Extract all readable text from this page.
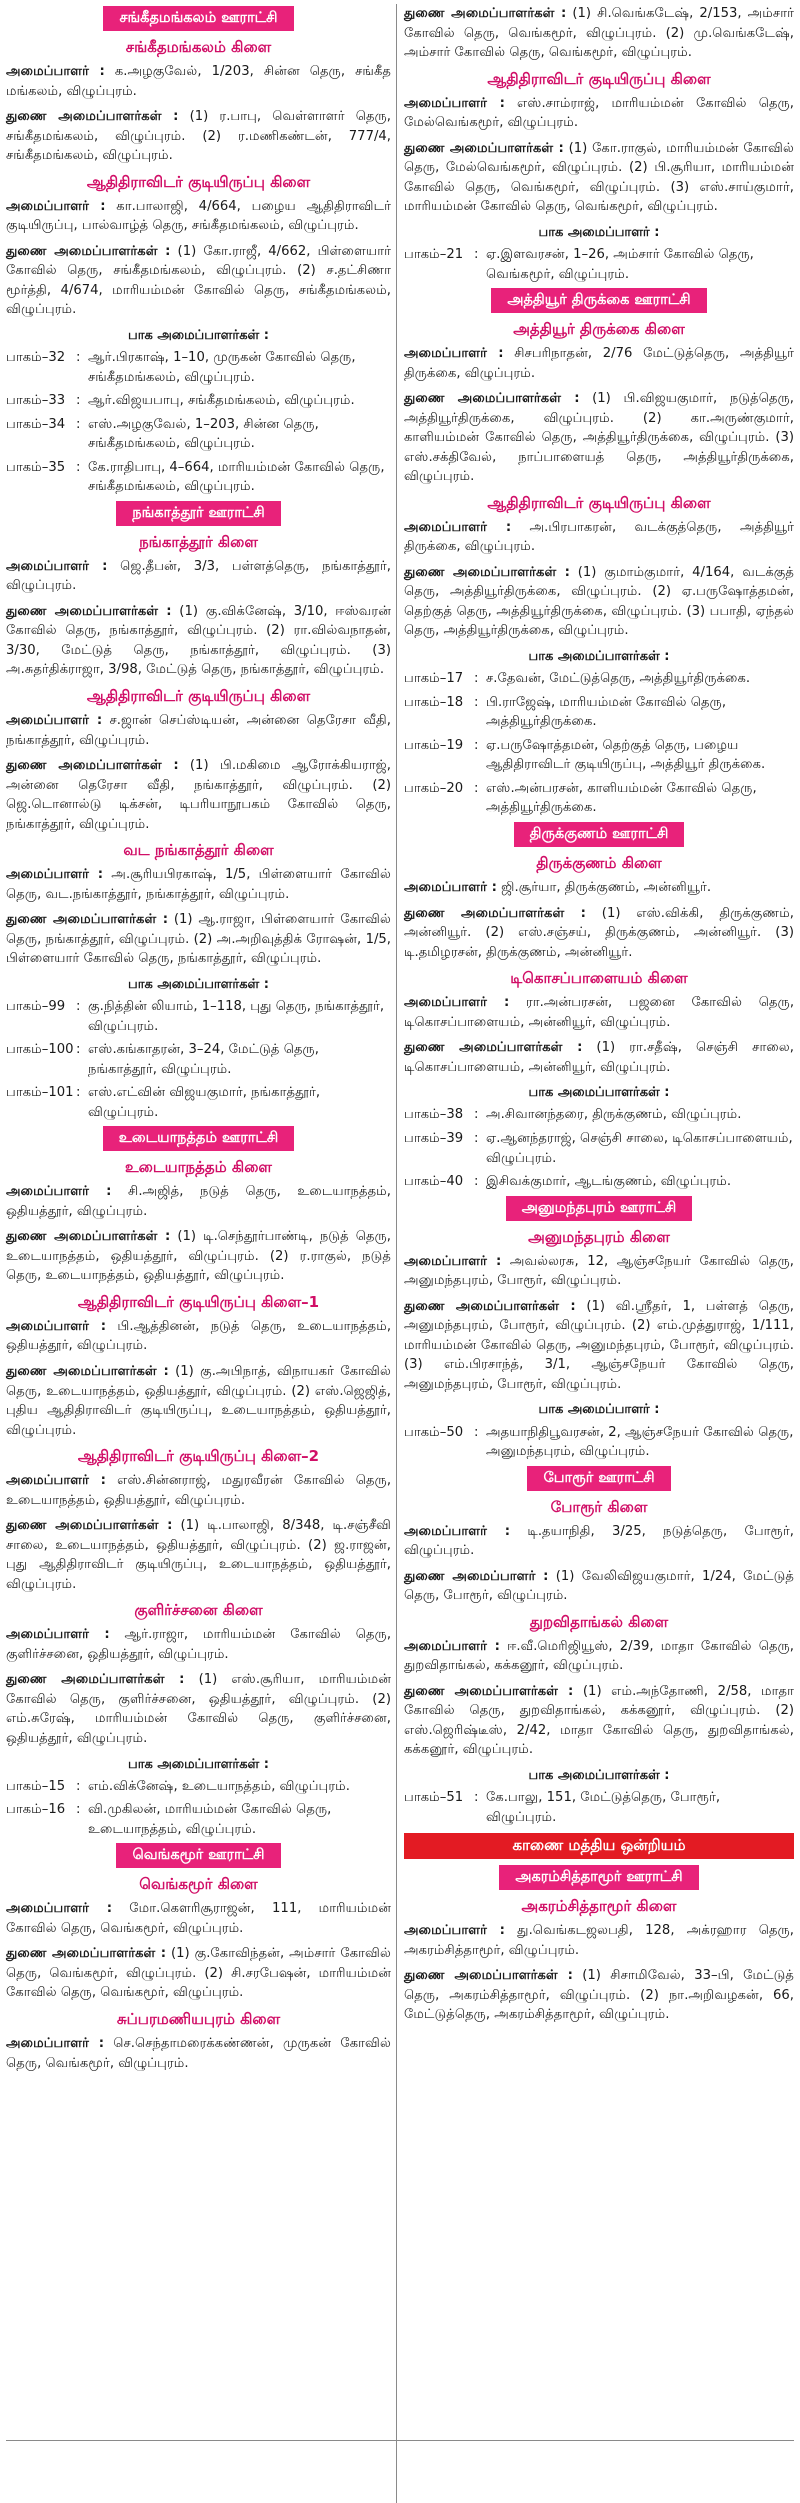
சங்கீதமங்கலம் ஊராட்சி
சங்கீதமங்கலம் கிளை
அமைப்பாளர் : க.அழகுவேல், 1/203, சின்ன தெரு, சங்கீத மங்கலம், விழுப்புரம்.
துணை அமைப்பாளர்கள் : (1) ர.பாபு, வெள்ளாளர் தெரு, சங்கீதமங்கலம், விழுப்புரம். (2) ர.மணிகண்டன், 777/4, சங்கீதமங்கலம், விழுப்புரம்.
ஆதிதிராவிடர் குடியிருப்பு கிளை
அமைப்பாளர் : கா.பாலாஜி, 4/664, பழைய ஆதிதிராவிடர் குடியிருப்பு, பால்வாழ்த் தெரு, சங்கீதமங்கலம், விழுப்புரம்.
துணை அமைப்பாளர்கள் : (1) கோ.ராஜீ, 4/662, பிள்ளையார் கோவில் தெரு, சங்கீதமங்கலம், விழுப்புரம். (2) ச.தட்சிணா மூர்த்தி, 4/674, மாரியம்மன் கோவில் தெரு, சங்கீதமங்கலம், விழுப்புரம்.
பாக அமைப்பாளர்கள் :
பாகம்–32 : ஆர்.பிரகாஷ், 1–10, முருகன் கோவில் தெரு, சங்கீதமங்கலம், விழுப்புரம்.
பாகம்–33 : ஆர்.விஜயபாபு, சங்கீதமங்கலம், விழுப்புரம்.
பாகம்–34 : எஸ்.அழகுவேல், 1–203, சின்ன தெரு, சங்கீதமங்கலம், விழுப்புரம்.
பாகம்–35 : கே.ராதிபாபு, 4–664, மாரியம்மன் கோவில் தெரு, சங்கீதமங்கலம், விழுப்புரம்.
நங்காத்தூர் ஊராட்சி
நங்காத்தூர் கிளை
அமைப்பாளர் : ஜெ.தீபன், 3/3, பள்ளத்தெரு, நங்காத்தூர், விழுப்புரம்.
துணை அமைப்பாளர்கள் : (1) கு.விக்னேஷ், 3/10, ஈஸ்வரன் கோவில் தெரு, நங்காத்தூர், விழுப்புரம். (2) ரா.வில்வநாதன், 3/30, மேட்டுத் தெரு, நங்காத்தூர், விழுப்புரம். (3) அ.சுதர்திக்ராஜா, 3/98, மேட்டுத் தெரு, நங்காத்தூர், விழுப்புரம்.
ஆதிதிராவிடர் குடியிருப்பு கிளை
அமைப்பாளர் : ச.ஜான் செப்ஸ்டியன், அன்னை தெரேசா வீதி, நங்காத்தூர், விழுப்புரம்.
துணை அமைப்பாளர்கள் : (1) பி.மகிமை ஆரோக்கியராஜ், அன்னை தெரேசா வீதி, நங்காத்தூர், விழுப்புரம். (2) ஜெ.டொனால்டு டிக்சன், டிபரியாநூபகம் கோவில் தெரு, நங்காத்தூர், விழுப்புரம்.
வட நங்காத்தூர் கிளை
அமைப்பாளர் : அ.சூரியபிரகாஷ், 1/5, பிள்ளையார் கோவில் தெரு, வட.நங்காத்தூர், நங்காத்தூர், விழுப்புரம்.
துணை அமைப்பாளர்கள் : (1) ஆ.ராஜா, பிள்ளையார் கோவில் தெரு, நங்காத்தூர், விழுப்புரம். (2) அ.அறிவுத்திக் ரோஷன், 1/5, பிள்ளையார் கோவில் தெரு, நங்காத்தூர், விழுப்புரம்.
பாக அமைப்பாளர்கள் :
பாகம்–99 : கு.நித்தின் லியாம், 1–118, புது தெரு, நங்காத்தூர், விழுப்புரம்.
பாகம்–100 : எஸ்.கங்காதரன், 3–24, மேட்டுத் தெரு, நங்காத்தூர், விழுப்புரம்.
பாகம்–101 : எஸ்.எட்வின் விஜயகுமார், நங்காத்தூர், விழுப்புரம்.
உடையாநத்தம் ஊராட்சி
உடையாநத்தம் கிளை
அமைப்பாளர் : சி.அஜித், நடுத் தெரு, உடையாநத்தம், ஒதியத்தூர், விழுப்புரம்.
துணை அமைப்பாளர்கள் : (1) டி.செந்தூர்பாண்டி, நடுத் தெரு, உடையாநத்தம், ஒதியத்தூர், விழுப்புரம். (2) ர.ராகுல், நடுத் தெரு, உடையாநத்தம், ஒதியத்தூர், விழுப்புரம்.
ஆதிதிராவிடர் குடியிருப்பு கிளை–1
அமைப்பாளர் : பி.ஆத்தினன், நடுத் தெரு, உடையாநத்தம், ஒதியத்தூர், விழுப்புரம்.
துணை அமைப்பாளர்கள் : (1) கு.அபிநாத், விநாயகர் கோவில் தெரு, உடையாநத்தம், ஒதியத்தூர், விழுப்புரம். (2) எஸ்.ஜெஜித், புதிய ஆதிதிராவிடர் குடியிருப்பு, உடையாநத்தம், ஒதியத்தூர், விழுப்புரம்.
ஆதிதிராவிடர் குடியிருப்பு கிளை–2
அமைப்பாளர் : எஸ்.சின்னராஜ், மதுரவீரன் கோவில் தெரு, உடையாநத்தம், ஒதியத்தூர், விழுப்புரம்.
துணை அமைப்பாளர்கள் : (1) டி.பாலாஜி, 8/348, டி.சஞ்சீவி சாலை, உடையாநத்தம், ஒதியத்தூர், விழுப்புரம். (2) ஜ.ராஜன், புது ஆதிதிராவிடர் குடியிருப்பு, உடையாநத்தம், ஒதியத்தூர், விழுப்புரம்.
குளிர்ச்சனை கிளை
அமைப்பாளர் : ஆர்.ராஜா, மாரியம்மன் கோவில் தெரு, குளிர்ச்சனை, ஒதியத்தூர், விழுப்புரம்.
துணை அமைப்பாளர்கள் : (1) எஸ்.சூரியா, மாரியம்மன் கோவில் தெரு, குளிர்ச்சனை, ஒதியத்தூர், விழுப்புரம். (2) எம்.சுரேஷ், மாரியம்மன் கோவில் தெரு, குளிர்ச்சனை, ஒதியத்தூர், விழுப்புரம்.
பாக அமைப்பாளர்கள் :
பாகம்–15 : எம்.விக்னேஷ், உடையாநத்தம், விழுப்புரம்.
பாகம்–16 : வி.முகிலன், மாரியம்மன் கோவில் தெரு, உடையாநத்தம், விழுப்புரம்.
வெங்கமூர் ஊராட்சி
வெங்கமூர் கிளை
அமைப்பாளர் : மோ.கௌரிசூராஜன், 111, மாரியம்மன் கோவில் தெரு, வெங்கமூர், விழுப்புரம்.
துணை அமைப்பாளர்கள் : (1) கு.கோவிந்தன், அம்சார் கோவில் தெரு, வெங்கமூர், விழுப்புரம். (2) சி.சரபேஷன், மாரியம்மன் கோவில் தெரு, வெங்கமூர், விழுப்புரம்.
சுப்பரமணியபுரம் கிளை
அமைப்பாளர் : செ.செந்தாமரைக்கண்ணன், முருகன் கோவில் தெரு, வெங்கமூர், விழுப்புரம்.
துணை அமைப்பாளர்கள் : (1) சி.வெங்கடேஷ், 2/153, அம்சார் கோவில் தெரு, வெங்கமூர், விழுப்புரம். (2) மு.வெங்கடேஷ், அம்சார் கோவில் தெரு, வெங்கமூர், விழுப்புரம்.
ஆதிதிராவிடர் குடியிருப்பு கிளை
அமைப்பாளர் : எஸ்.சாம்ராஜ், மாரியம்மன் கோவில் தெரு, மேல்வெங்கமூர், விழுப்புரம்.
துணை அமைப்பாளர்கள் : (1) கோ.ராகுல், மாரியம்மன் கோவில் தெரு, மேல்வெங்கமூர், விழுப்புரம். (2) பி.சூரியா, மாரியம்மன் கோவில் தெரு, வெங்கமூர், விழுப்புரம். (3) எஸ்.சாய்குமார், மாரியம்மன் கோவில் தெரு, வெங்கமூர், விழுப்புரம்.
பாக அமைப்பாளர் :
பாகம்–21 : ஏ.இளவரசன், 1–26, அம்சார் கோவில் தெரு, வெங்கமூர், விழுப்புரம்.
அத்தியூர் திருக்கை ஊராட்சி
அத்தியூர் திருக்கை கிளை
அமைப்பாளர் : சிசபரிநாதன், 2/76 மேட்டுத்தெரு, அத்தியூர் திருக்கை, விழுப்புரம்.
துணை அமைப்பாளர்கள் : (1) பி.விஜயகுமார், நடுத்தெரு, அத்தியூர்திருக்கை, விழுப்புரம். (2) கா.அருண்குமார், காளியம்மன் கோவில் தெரு, அத்தியூர்திருக்கை, விழுப்புரம். (3) எஸ்.சக்திவேல், நாப்பாளையத் தெரு, அத்தியூர்திருக்கை, விழுப்புரம்.
ஆதிதிராவிடர் குடியிருப்பு கிளை
அமைப்பாளர் : அ.பிரபாகரன், வடக்குத்தெரு, அத்தியூர் திருக்கை, விழுப்புரம்.
துணை அமைப்பாளர்கள் : (1) குமாம்குமார், 4/164, வடக்குத் தெரு, அத்தியூர்திருக்கை, விழுப்புரம். (2) ஏ.பருஷோத்தமன், தெற்குத் தெரு, அத்தியூர்திருக்கை, விழுப்புரம். (3) பபாதி, ஏந்தல் தெரு, அத்தியூர்திருக்கை, விழுப்புரம்.
பாக அமைப்பாளர்கள் :
பாகம்–17 : ச.தேவன், மேட்டுத்தெரு, அத்தியூர்திருக்கை.
பாகம்–18 : பி.ராஜேஷ், மாரியம்மன் கோவில் தெரு, அத்தியூர்திருக்கை.
பாகம்–19 : ஏ.பருஷோத்தமன், தெற்குத் தெரு, பழைய ஆதிதிராவிடர் குடியிருப்பு, அத்தியூர் திருக்கை.
பாகம்–20 : எஸ்.அன்பரசன், காளியம்மன் கோவில் தெரு, அத்தியூர்திருக்கை.
திருக்குணம் ஊராட்சி
திருக்குணம் கிளை
அமைப்பாளர் : ஜி.சூர்யா, திருக்குணம், அன்னியூர்.
துணை அமைப்பாளர்கள் : (1) எஸ்.விக்கி, திருக்குணம், அன்னியூர். (2) எஸ்.சஞ்சய், திருக்குணம், அன்னியூர். (3) டி.தமிழரசன், திருக்குணம், அன்னியூர்.
டிகொசப்பாளையம் கிளை
அமைப்பாளர் : ரா.அன்பரசன், பஜனை கோவில் தெரு, டிகொசப்பாளையம், அன்னியூர், விழுப்புரம்.
துணை அமைப்பாளர்கள் : (1) ரா.சதீஷ், செஞ்சி சாலை, டிகொசப்பாளையம், அன்னியூர், விழுப்புரம்.
பாக அமைப்பாளர்கள் :
பாகம்–38 : அ.சிவானந்தரை, திருக்குணம், விழுப்புரம்.
பாகம்–39 : ஏ.ஆனந்தராஜ், செஞ்சி சாலை, டிகொசப்பாளையம், விழுப்புரம்.
பாகம்–40 : இசிவக்குமார், ஆடங்குணம், விழுப்புரம்.
அனுமந்தபுரம் ஊராட்சி
அனுமந்தபுரம் கிளை
அமைப்பாளர் : அவல்லரசு, 12, ஆஞ்சநேயர் கோவில் தெரு, அனுமந்தபுரம், போரூர், விழுப்புரம்.
துணை அமைப்பாளர்கள் : (1) வி.ஸ்ரீதர், 1, பள்ளத் தெரு, அனுமந்தபுரம், போரூர், விழுப்புரம். (2) எம்.முத்துராஜ், 1/111, மாரியம்மன் கோவில் தெரு, அனுமந்தபுரம், போரூர், விழுப்புரம். (3) எம்.பிரசாந்த், 3/1, ஆஞ்சநேயர் கோவில் தெரு, அனுமந்தபுரம், போரூர், விழுப்புரம்.
பாக அமைப்பாளர் :
பாகம்–50 : அதயாநிதிபூவரசன், 2, ஆஞ்சநேயர் கோவில் தெரு, அனுமந்தபுரம், விழுப்புரம்.
போரூர் ஊராட்சி
போரூர் கிளை
அமைப்பாளர் : டி.தயாநிதி, 3/25, நடுத்தெரு, போரூர், விழுப்புரம்.
துணை அமைப்பாளர் : (1) வேலிவிஜயகுமார், 1/24, மேட்டுத் தெரு, போரூர், விழுப்புரம்.
துறவிதாங்கல் கிளை
அமைப்பாளர் : ஈ.வீ.மெரிஜியூஸ், 2/39, மாதா கோவில் தெரு, துறவிதாங்கல், கக்கனூர், விழுப்புரம்.
துணை அமைப்பாளர்கள் : (1) எம்.அந்தோணி, 2/58, மாதா கோவில் தெரு, துறவிதாங்கல், கக்கனூர், விழுப்புரம். (2) எஸ்.ஜெரிஷ்டீஸ், 2/42, மாதா கோவில் தெரு, துறவிதாங்கல், கக்கனூர், விழுப்புரம்.
பாக அமைப்பாளர்கள் :
பாகம்–51 : கே.பாலு, 151, மேட்டுத்தெரு, போரூர், விழுப்புரம்.
காணை மத்திய ஒன்றியம்
அகரம்சித்தாமூர் ஊராட்சி
அகரம்சித்தாமூர் கிளை
அமைப்பாளர் : து.வெங்கடஜலபதி, 128, அக்ரஹார தெரு, அகரம்சித்தாமூர், விழுப்புரம்.
துணை அமைப்பாளர்கள் : (1) சிசாமிவேல், 33–பி, மேட்டுத் தெரு, அகரம்சித்தாமூர், விழுப்புரம். (2) நா.அறிவழகன், 66, மேட்டுத்தெரு, அகரம்சித்தாமூர், விழுப்புரம்.
